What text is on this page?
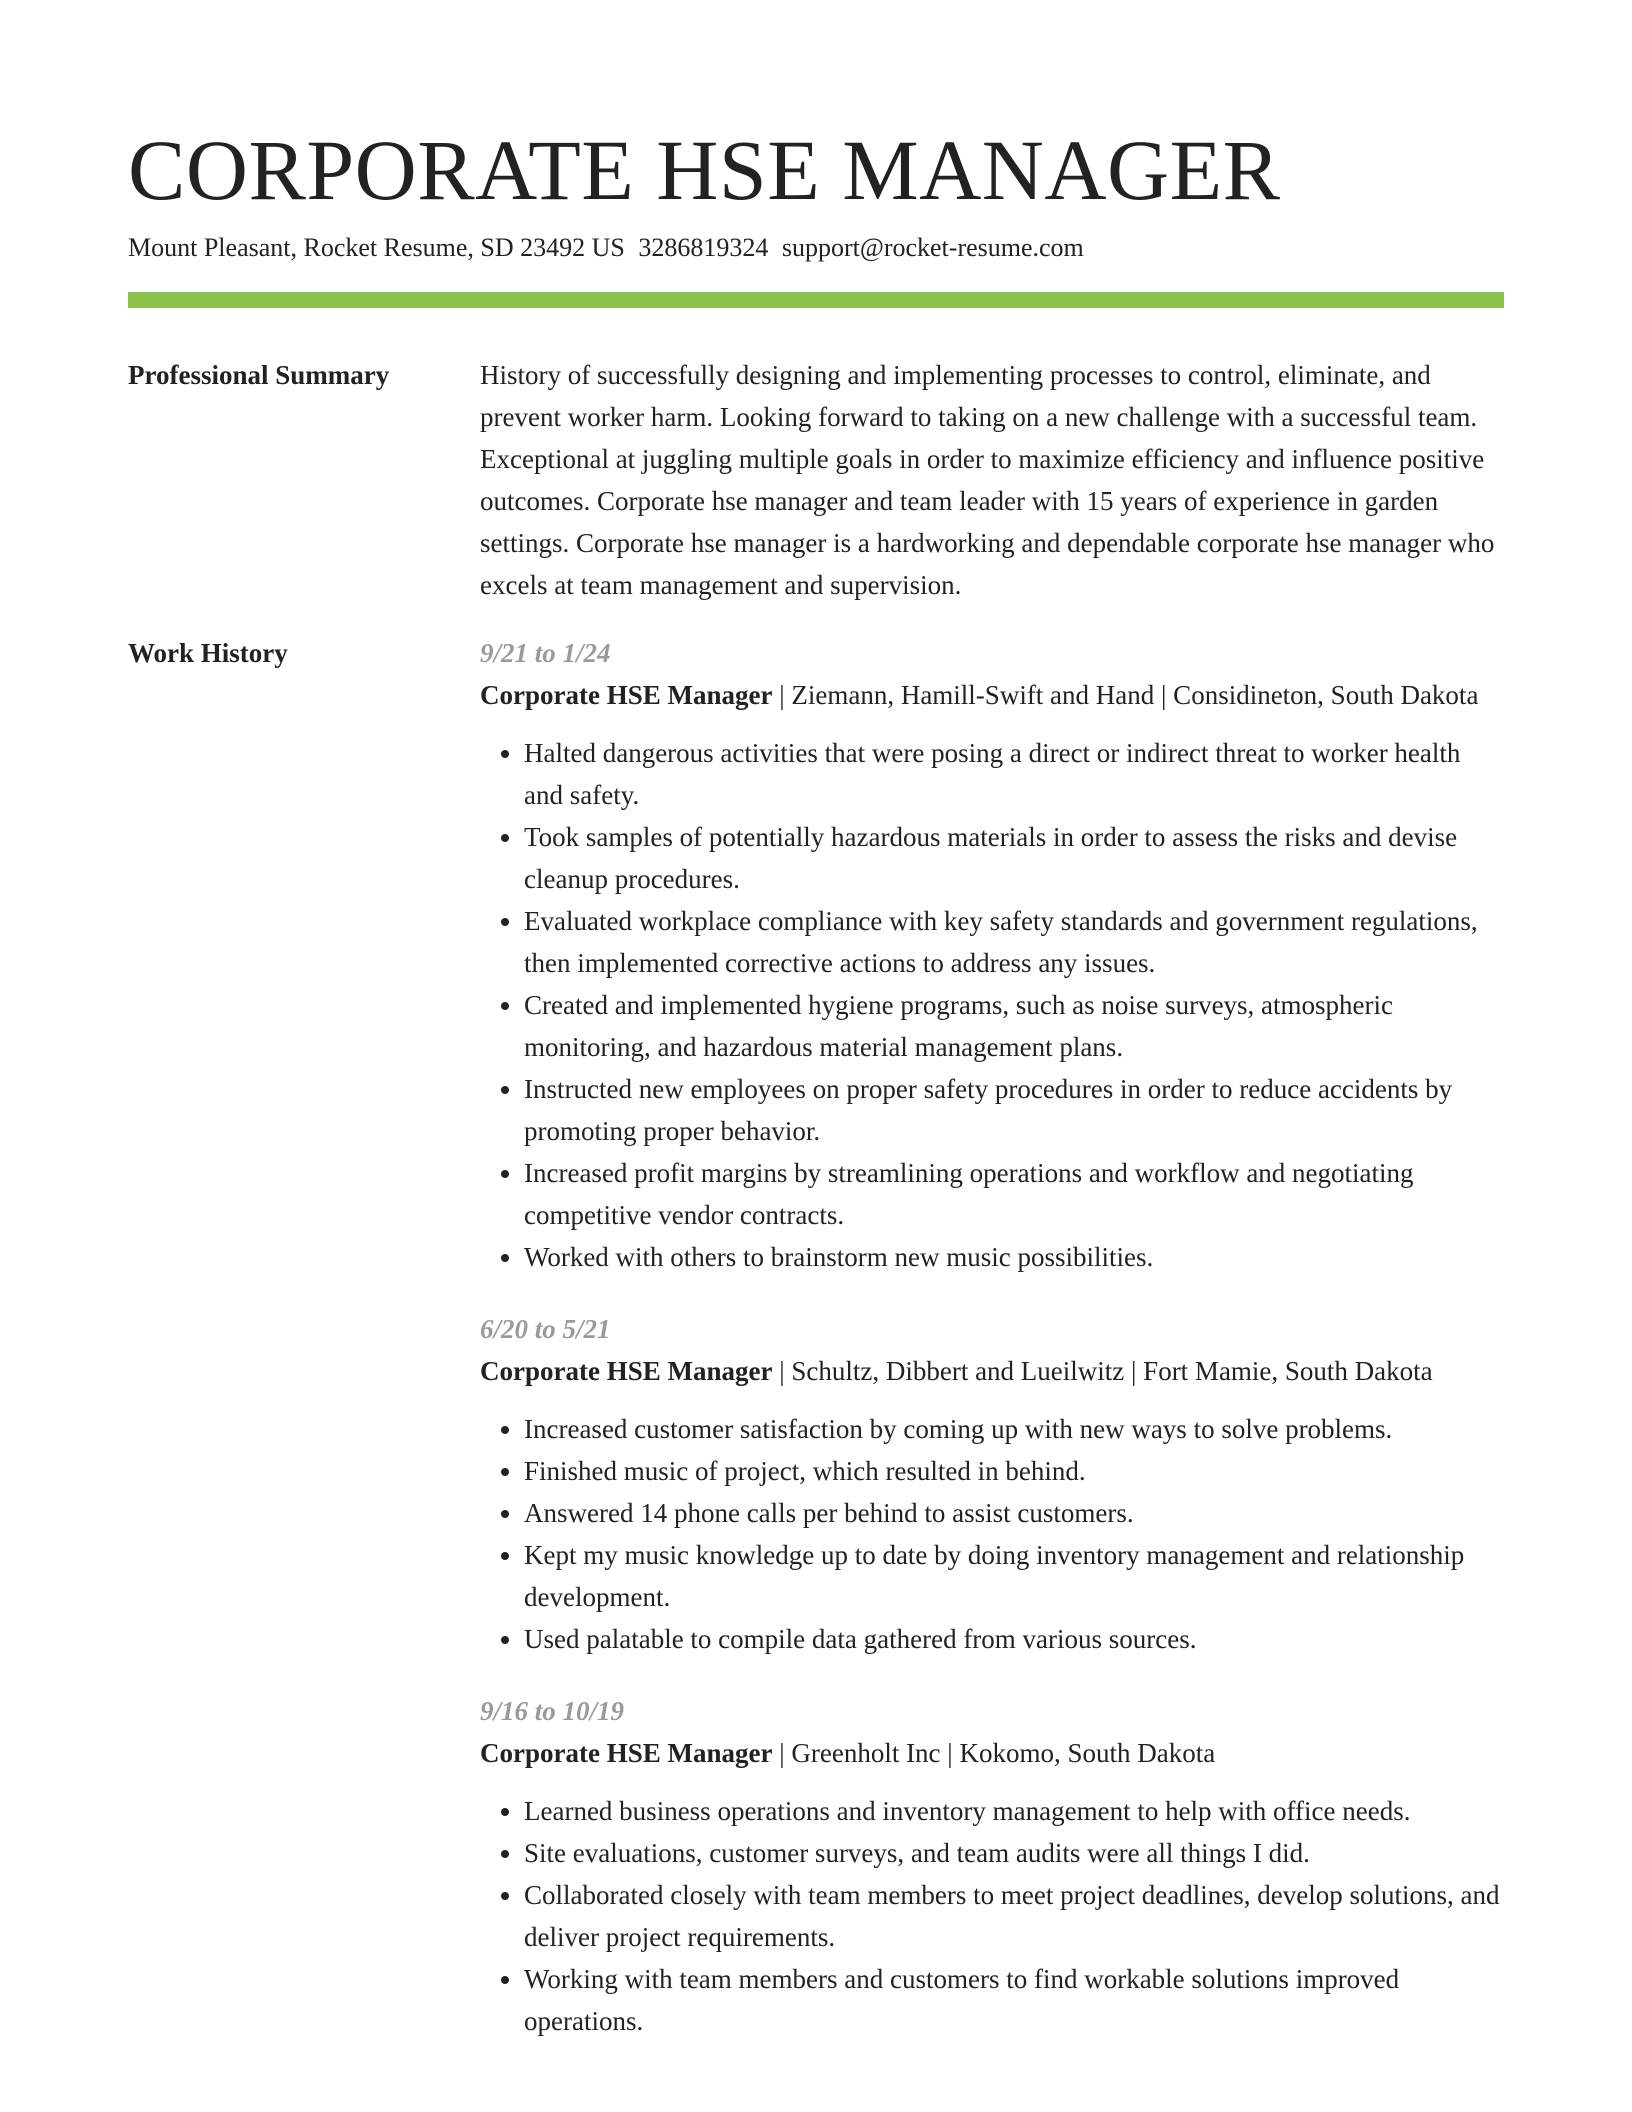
CORPORATE HSE MANAGER
Mount Pleasant, Rocket Resume, SD 23492 US 3286819324 support@rocket-resume.com
Professional Summary	History of successfully designing and implementing processes to control, eliminate, and prevent worker harm. Looking forward to taking on a new challenge with a successful team. Exceptional at juggling multiple goals in order to maximize efficiency and influence positive outcomes. Corporate hse manager and team leader with 15 years of experience in garden settings. Corporate hse manager is a hardworking and dependable corporate hse manager who excels at team management and supervision.

Work History	9/21 to 1/24

Corporate HSE Manager | Ziemann, Hamill-Swift and Hand | Considineton, South Dakota

• Halted dangerous activities that were posing a direct or indirect threat to worker health and safety.
• Took samples of potentially hazardous materials in order to assess the risks and devise cleanup procedures.
• Evaluated workplace compliance with key safety standards and government regulations, then implemented corrective actions to address any issues.
• Created and implemented hygiene programs, such as noise surveys, atmospheric monitoring, and hazardous material management plans.
• Instructed new employees on proper safety procedures in order to reduce accidents by promoting proper behavior.
• Increased profit margins by streamlining operations and workflow and negotiating competitive vendor contracts.
• Worked with others to brainstorm new music possibilities.
6/20 to 5/21

Corporate HSE Manager | Schultz, Dibbert and Lueilwitz | Fort Mamie, South Dakota

• Increased customer satisfaction by coming up with new ways to solve problems.
• Finished music of project, which resulted in behind.
• Answered 14 phone calls per behind to assist customers.
• Kept my music knowledge up to date by doing inventory management and relationship development.
• Used palatable to compile data gathered from various sources.
9/16 to 10/19

Corporate HSE Manager | Greenholt Inc | Kokomo, South Dakota

• Learned business operations and inventory management to help with office needs.
• Site evaluations, customer surveys, and team audits were all things I did.
• Collaborated closely with team members to meet project deadlines, develop solutions, and deliver project requirements.
• Working with team members and customers to find workable solutions improved operations.
